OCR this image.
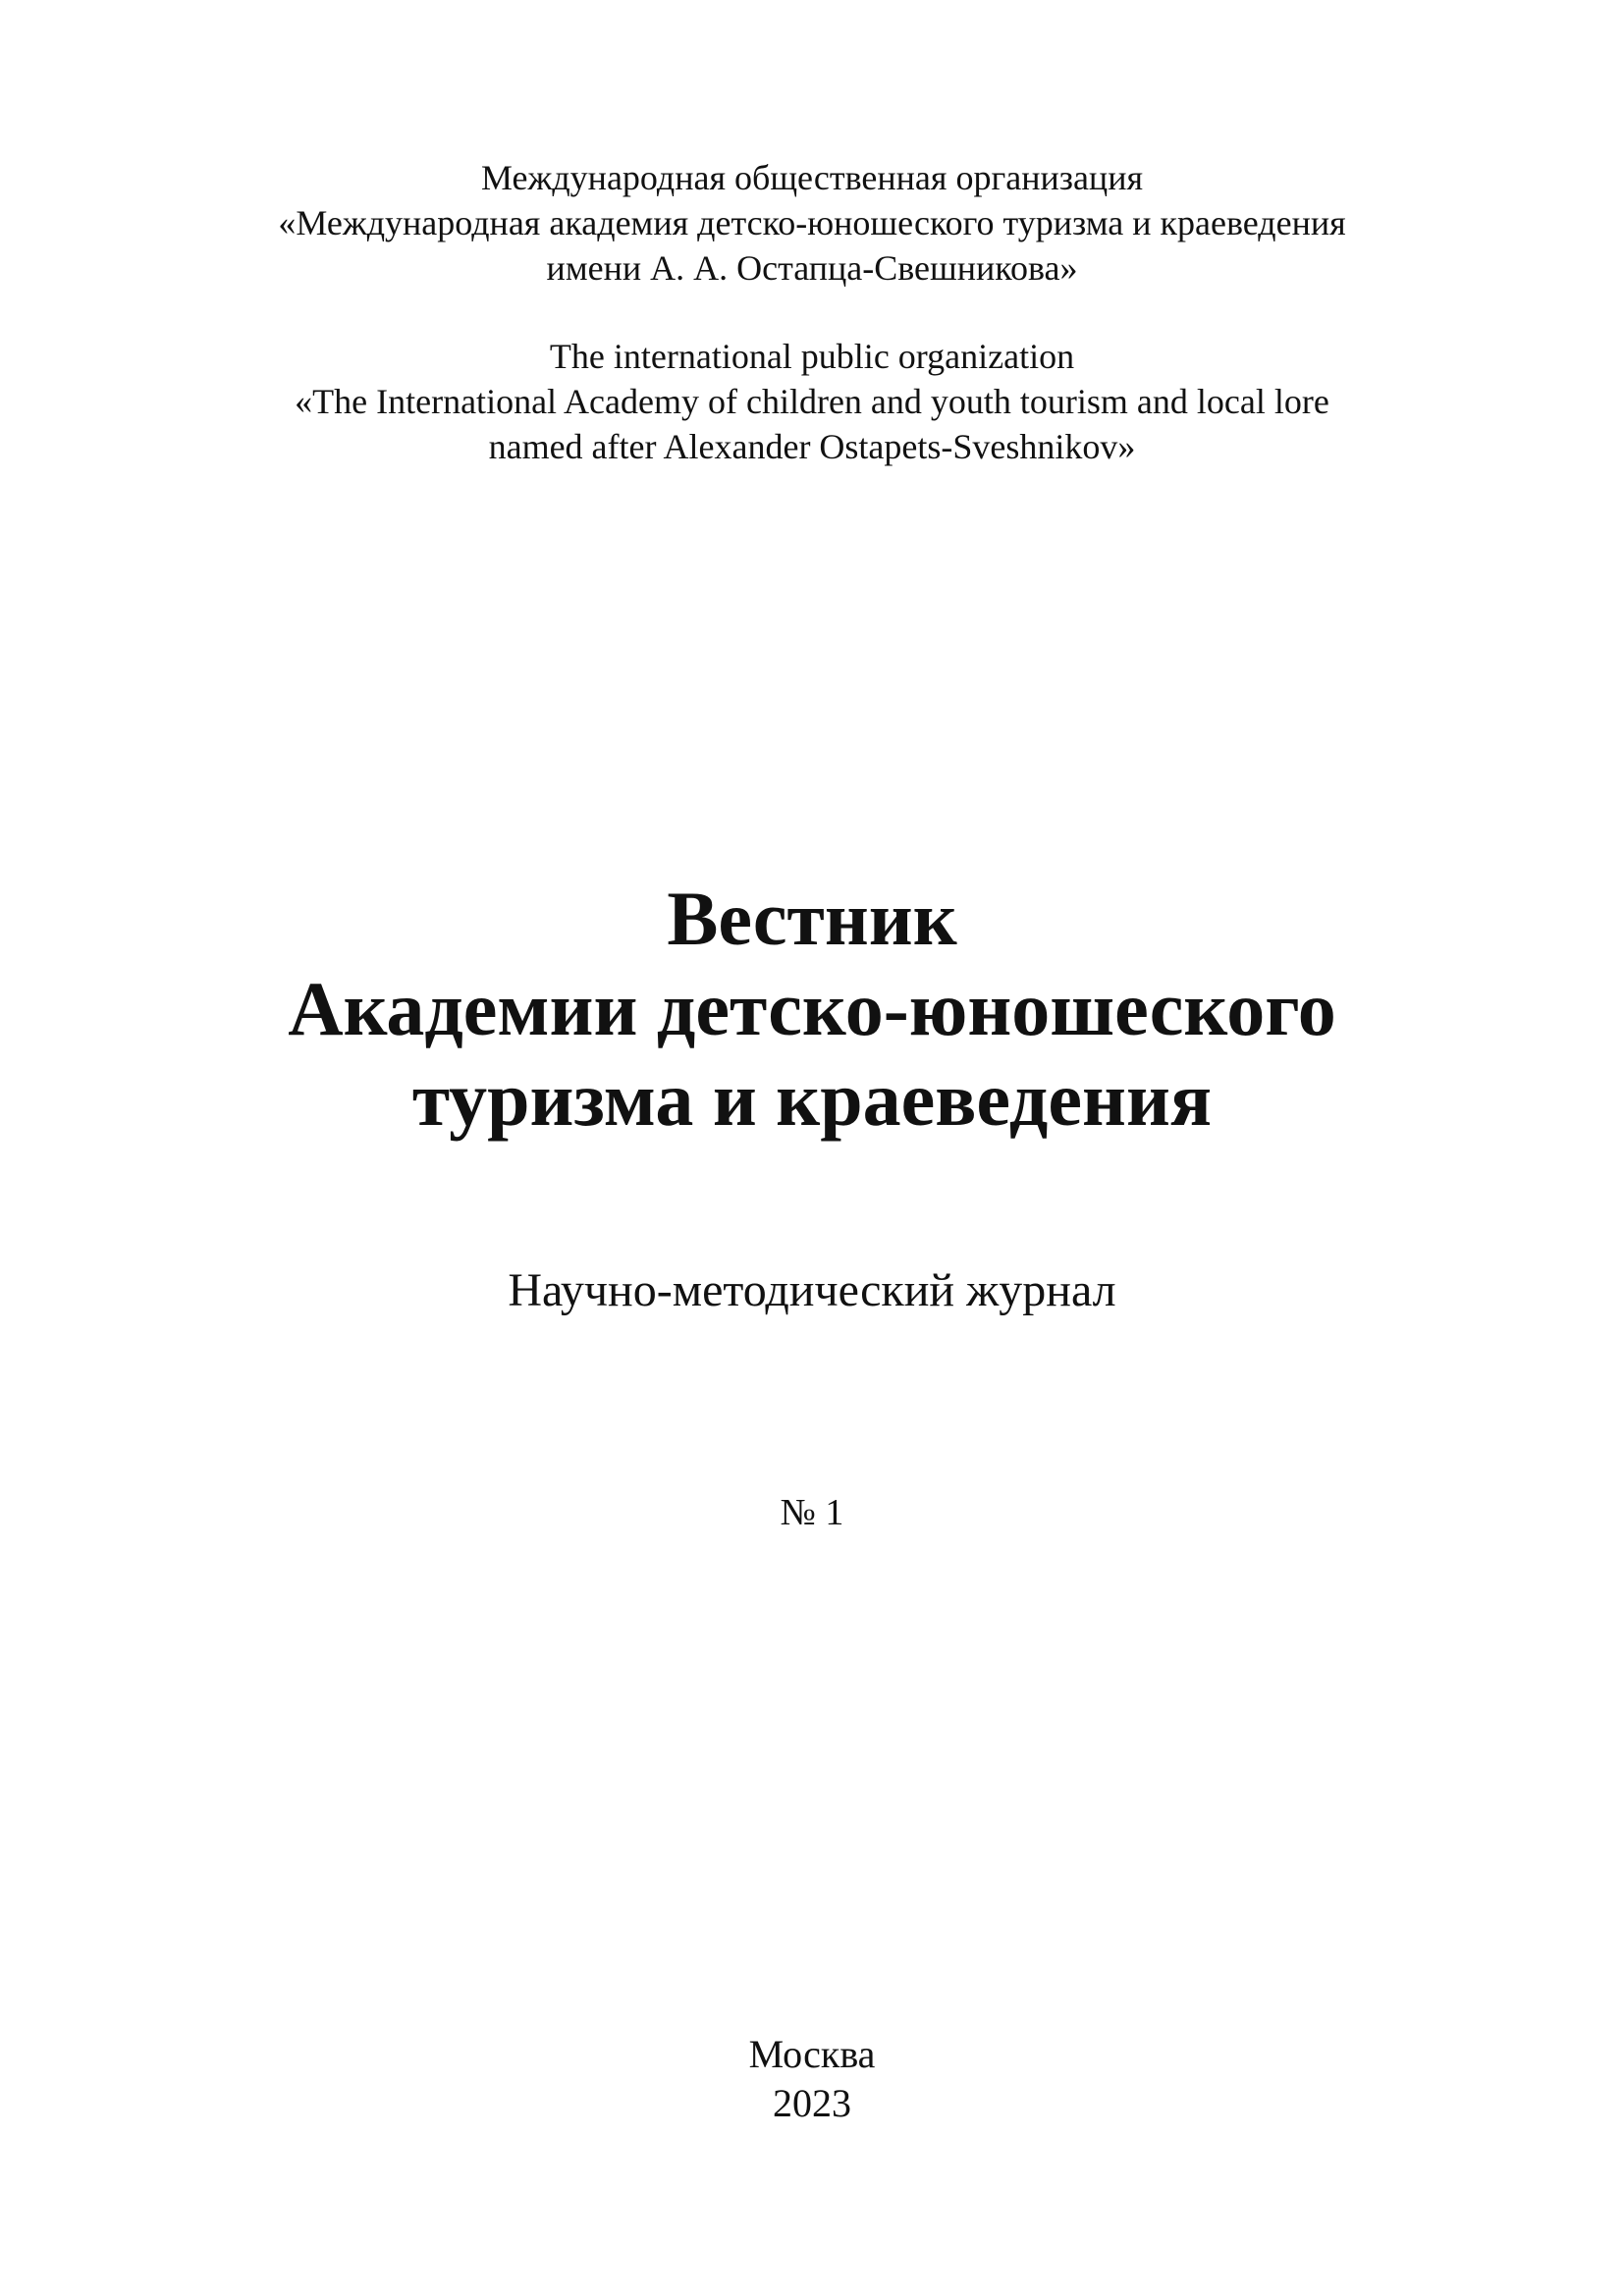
Международная общественная организация
«Международная академия детско-юношеского туризма и краеведения
имени А. А. Остапца-Свешникова»
The international public organization
«The International Academy of children and youth tourism and local lore
named after Alexander Ostapets-Sveshnikov»
Вестник
Академии детско-юношеского
туризма и краеведения
Научно-методический журнал
№ 1
Москва
2023
